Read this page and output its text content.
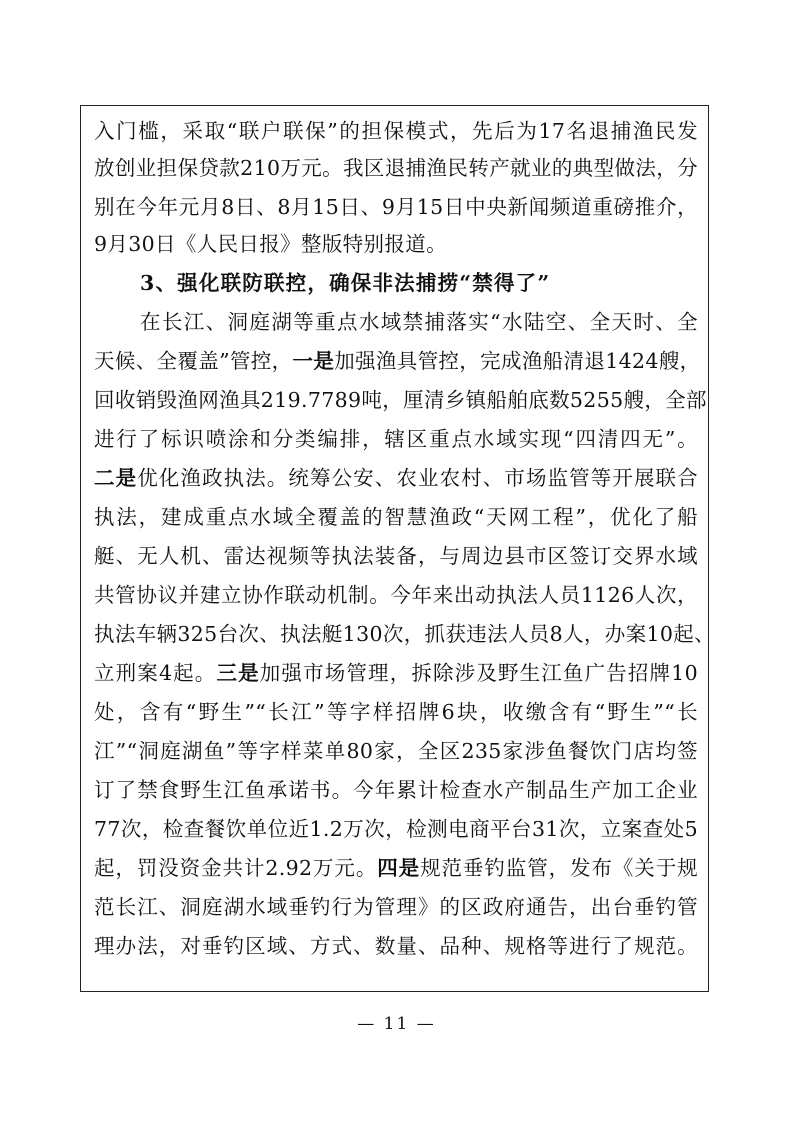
入门槛，采取“联户联保”的担保模式，先后为17名退捕渔民发
放创业担保贷款210万元。我区退捕渔民转产就业的典型做法，分
别在今年元月8日、8月15日、9月15日中央新闻频道重磅推介，
9月30日《人民日报》整版特别报道。
3、强化联防联控，确保非法捕捞“禁得了”
在长江、洞庭湖等重点水域禁捕落实“水陆空、全天时、全
天候、全覆盖”管控，一是加强渔具管控，完成渔船清退1424艘，
回收销毁渔网渔具219.7789吨，厘清乡镇船舶底数5255艘，全部
进行了标识喷涂和分类编排，辖区重点水域实现“四清四无”。
二是优化渔政执法。统筹公安、农业农村、市场监管等开展联合
执法，建成重点水域全覆盖的智慧渔政“天网工程”，优化了船
艇、无人机、雷达视频等执法装备，与周边县市区签订交界水域
共管协议并建立协作联动机制。今年来出动执法人员1126人次，
执法车辆325台次、执法艇130次，抓获违法人员8人，办案10起、
立刑案4起。三是加强市场管理，拆除涉及野生江鱼广告招牌10
处，含有“野生”“长江”等字样招牌6块，收缴含有“野生”“长
江”“洞庭湖鱼”等字样菜单80家，全区235家涉鱼餐饮门店均签
订了禁食野生江鱼承诺书。今年累计检查水产制品生产加工企业
77次，检查餐饮单位近1.2万次，检测电商平台31次，立案查处5
起，罚没资金共计2.92万元。四是规范垂钓监管，发布《关于规
范长江、洞庭湖水域垂钓行为管理》的区政府通告，出台垂钓管
理办法，对垂钓区域、方式、数量、品种、规格等进行了规范。
— 11 —
